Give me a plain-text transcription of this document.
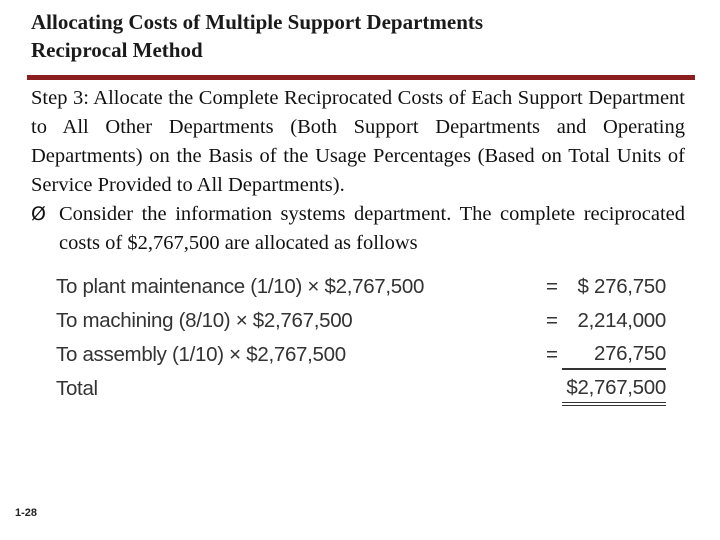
Allocating Costs of Multiple Support Departments
Reciprocal Method
Step 3: Allocate the Complete Reciprocated Costs of Each Support Department to All Other Departments (Both Support Departments and Operating Departments) on the Basis of the Usage Percentages (Based on Total Units of Service Provided to All Departments).
Ø Consider the information systems department. The complete reciprocated costs of $2,767,500 are allocated as follows
To plant maintenance (1/10) × $2,767,500	= $ 276,750
To machining (8/10) × $2,767,500	= 2,214,000
To assembly (1/10) × $2,767,500	=	276,750
Total	$2,767,500
1-28
